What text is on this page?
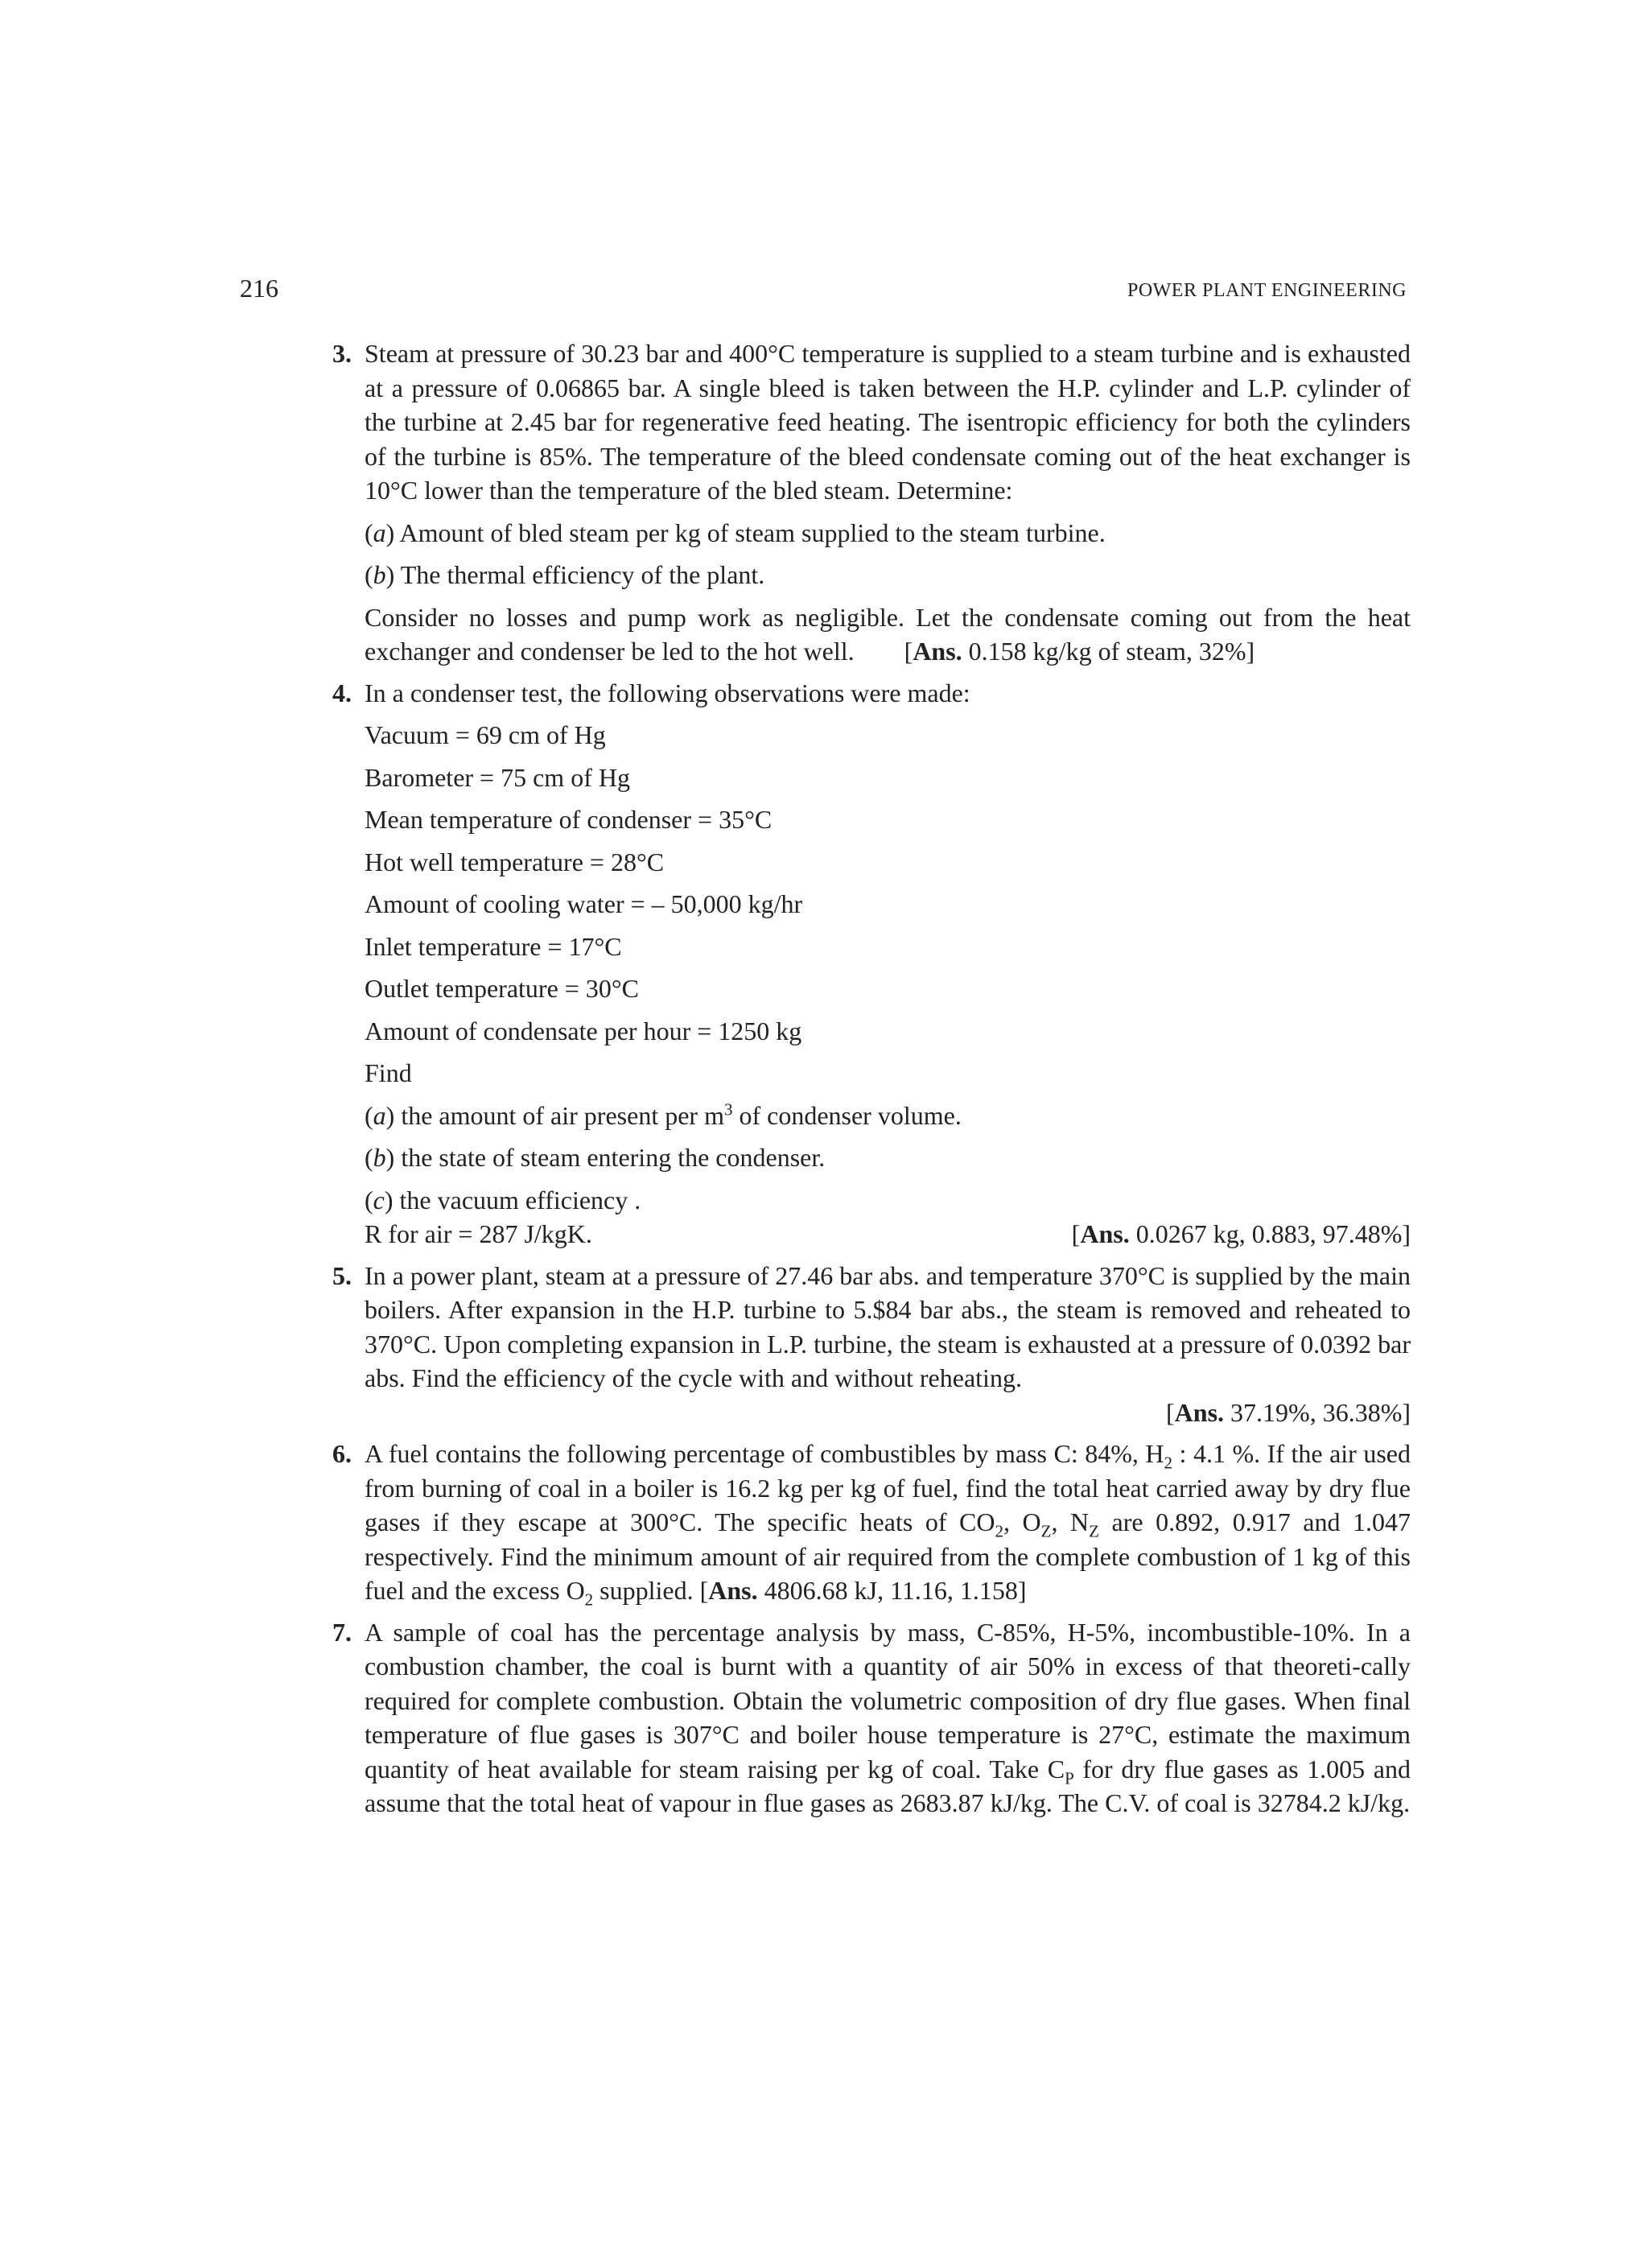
216	POWER PLANT ENGINEERING
3. Steam at pressure of 30.23 bar and 400°C temperature is supplied to a steam turbine and is exhausted at a pressure of 0.06865 bar. A single bleed is taken between the H.P. cylinder and L.P. cylinder of the turbine at 2.45 bar for regenerative feed heating. The isentropic efficiency for both the cylinders of the turbine is 85%. The temperature of the bleed condensate coming out of the heat exchanger is 10°C lower than the temperature of the bled steam. Determine:
(a) Amount of bled steam per kg of steam supplied to the steam turbine.
(b) The thermal efficiency of the plant.
Consider no losses and pump work as negligible. Let the condensate coming out from the heat exchanger and condenser be led to the hot well. [Ans. 0.158 kg/kg of steam, 32%]
4. In a condenser test, the following observations were made:
Vacuum = 69 cm of Hg
Barometer = 75 cm of Hg
Mean temperature of condenser = 35°C
Hot well temperature = 28°C
Amount of cooling water = – 50,000 kg/hr
Inlet temperature = 17°C
Outlet temperature = 30°C
Amount of condensate per hour = 1250 kg
Find
(a) the amount of air present per $m^3$ of condenser volume.
(b) the state of steam entering the condenser.
(c) the vacuum efficiency .
R for air = 287 J/kgK.	[Ans. 0.0267 kg, 0.883, 97.48%]
5. In a power plant, steam at a pressure of 27.46 bar abs. and temperature 370°C is supplied by the main boilers. After expansion in the H.P. turbine to 5.$84 bar abs., the steam is removed and reheated to 370°C. Upon completing expansion in L.P. turbine, the steam is exhausted at a pressure of 0.0392 bar abs. Find the efficiency of the cycle with and without reheating.
[Ans. 37.19%, 36.38%]
6. A fuel contains the following percentage of combustibles by mass C: 84%, $H_2$ : 4.1 %. If the air used from burning of coal in a boiler is 16.2 kg per kg of fuel, find the total heat carried away by dry flue gases if they escape at 300°C. The specific heats of $CO_2$, $O_Z$, $N_Z$ are 0.892, 0.917 and 1.047 respectively. Find the minimum amount of air required from the complete combustion of 1 kg of this fuel and the excess $O_2$ supplied. [Ans. 4806.68 kJ, 11.16, 1.158]
7. A sample of coal has the percentage analysis by mass, C-85%, H-5%, incombustible-10%. In a combustion chamber, the coal is burnt with a quantity of air 50% in excess of that theoreti-cally required for complete combustion. Obtain the volumetric composition of dry flue gases. When final temperature of flue gases is 307°C and boiler house temperature is 27°C, estimate the maximum quantity of heat available for steam raising per kg of coal. Take $C_P$ for dry flue gases as 1.005 and assume that the total heat of vapour in flue gases as 2683.87 kJ/kg. The C.V. of coal is 32784.2 kJ/kg.
